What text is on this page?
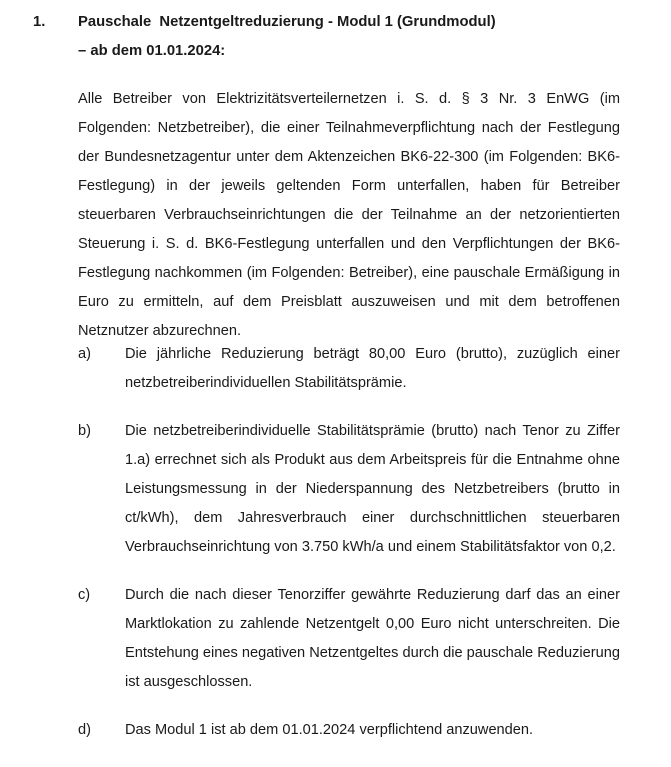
1.	Pauschale  Netzentgeltreduzierung - Modul 1 (Grundmodul)
– ab dem 01.01.2024:

Alle Betreiber von Elektrizitätsverteilernetzen i. S. d. § 3 Nr. 3 EnWG (im Folgenden: Netzbetreiber), die einer Teilnahmeverpflichtung nach der Festlegung der Bundesnetzagentur unter dem Aktenzeichen BK6-22-300 (im Folgenden: BK6-Festlegung) in der jeweils geltenden Form unterfallen, haben für Betreiber steuerbaren Verbrauchseinrichtungen die der Teilnahme an der netzorientierten Steuerung i. S. d. BK6-Festlegung unterfallen und den Verpflichtungen der BK6-Festlegung nachkommen (im Folgenden: Betreiber), eine pauschale Ermäßigung in Euro zu ermitteln, auf dem Preisblatt auszuweisen und mit dem betroffenen Netznutzer abzurechnen.

a)	Die jährliche Reduzierung beträgt 80,00 Euro (brutto), zuzüglich einer netzbetreiberindividuellen Stabilitätsprämie.

b)	Die netzbetreiberindividuelle Stabilitätsprämie (brutto) nach Tenor zu Ziffer 1.a) errechnet sich als Produkt aus dem Arbeitspreis für die Entnahme ohne Leistungsmessung in der Niederspannung des Netzbetreibers (brutto in ct/kWh), dem Jahresverbrauch einer durchschnittlichen steuerbaren Verbrauchseinrichtung von 3.750 kWh/a und einem Stabilitätsfaktor von 0,2.

c)	Durch die nach dieser Tenorziffer gewährte Reduzierung darf das an einer Marktlokation zu zahlende Netzentgelt 0,00 Euro nicht unterschreiten. Die Entstehung eines negativen Netzentgeltes durch die pauschale Reduzierung ist ausgeschlossen.

d)	Das Modul 1 ist ab dem 01.01.2024 verpflichtend anzuwenden.
